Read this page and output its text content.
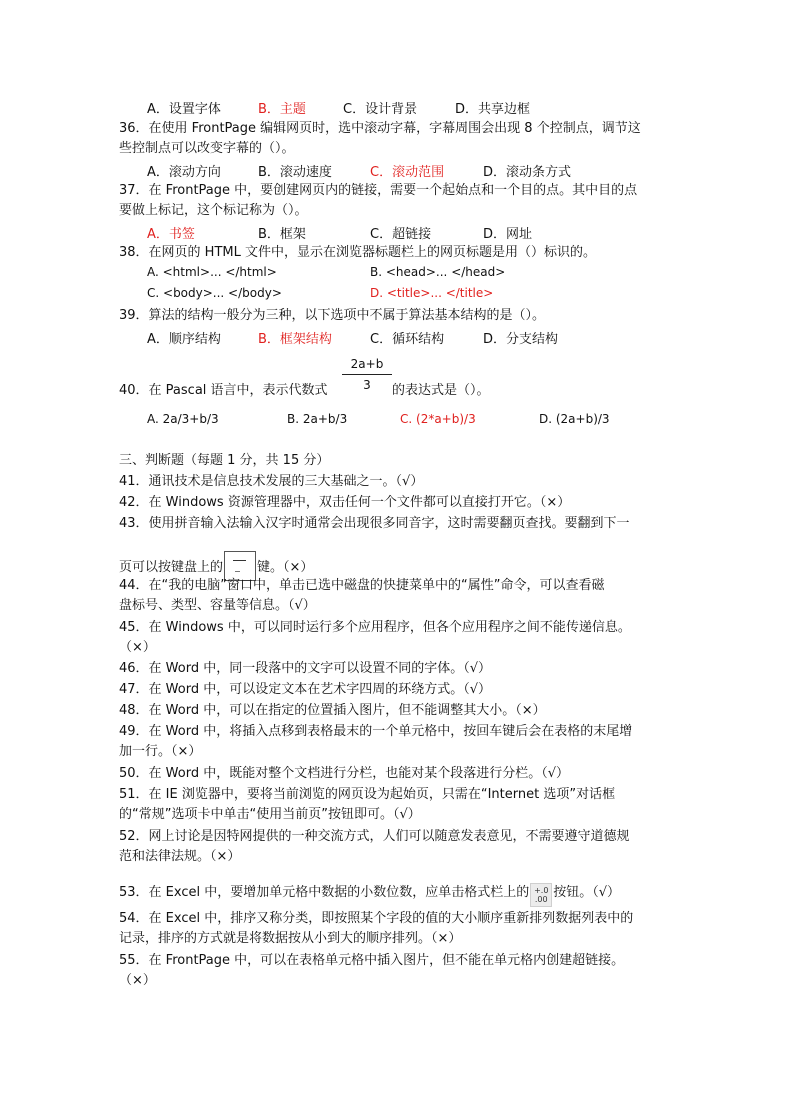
A．设置字体	B．主题	C．设计背景	D．共享边框
36．在使用 FrontPage 编辑网页时，选中滚动字幕，字幕周围会出现 8 个控制点，调节这
些控制点可以改变字幕的（）。
A．滚动方向	B．滚动速度	C．滚动范围	D．滚动条方式
37．在 FrontPage 中，要创建网页内的链接，需要一个起始点和一个目的点。其中目的点
要做上标记，这个标记称为（）。
A．书签	B．框架	C．超链接	D．网址
38．在网页的 HTML 文件中，显示在浏览器标题栏上的网页标题是用（）标识的。
A. <html>... </html>	B. <head>... </head>
C. <body>... </body>	D. <title>... </title>
39．算法的结构一般分为三种，以下选项中不属于算法基本结构的是（）。
A．顺序结构	B．框架结构	C．循环结构	D．分支结构
2a+b
3
40．在 Pascal 语言中，表示代数式	的表达式是（）。
A. 2a/3+b/3	B. 2a+b/3	C. (2*a+b)/3	D. (2a+b)/3
三、判断题（每题 1 分，共 15 分）
41．通讯技术是信息技术发展的三大基础之一。（√）
42．在 Windows 资源管理器中，双击任何一个文件都可以直接打开它。（×）
43．使用拼音输入法输入汉字时通常会出现很多同音字，这时需要翻页查找。要翻到下一
页可以按键盘上的	键。（×）
44．在“我的电脑”窗口中，单击已选中磁盘的快捷菜单中的“属性”命令，可以查看磁
盘标号、类型、容量等信息。（√）
45．在 Windows 中，可以同时运行多个应用程序，但各个应用程序之间不能传递信息。
（×）
46．在 Word 中，同一段落中的文字可以设置不同的字体。（√）
47．在 Word 中，可以设定文本在艺术字四周的环绕方式。（√）
48．在 Word 中，可以在指定的位置插入图片，但不能调整其大小。（×）
49．在 Word 中，将插入点移到表格最末的一个单元格中，按回车键后会在表格的末尾增
加一行。（×）
50．在 Word 中，既能对整个文档进行分栏，也能对某个段落进行分栏。（√）
51．在 IE 浏览器中，要将当前浏览的网页设为起始页，只需在“Internet 选项”对话框
的“常规”选项卡中单击“使用当前页”按钮即可。（√）
52．网上讨论是因特网提供的一种交流方式，人们可以随意发表意见，不需要遵守道德规
范和法律法规。（×）
53．在 Excel 中，要增加单元格中数据的小数位数，应单击格式栏上的 +.0
.00 按钮。（√）
54．在 Excel 中，排序又称分类，即按照某个字段的值的大小顺序重新排列数据列表中的
记录，排序的方式就是将数据按从小到大的顺序排列。（×）
55．在 FrontPage 中，可以在表格单元格中插入图片，但不能在单元格内创建超链接。
（×）
